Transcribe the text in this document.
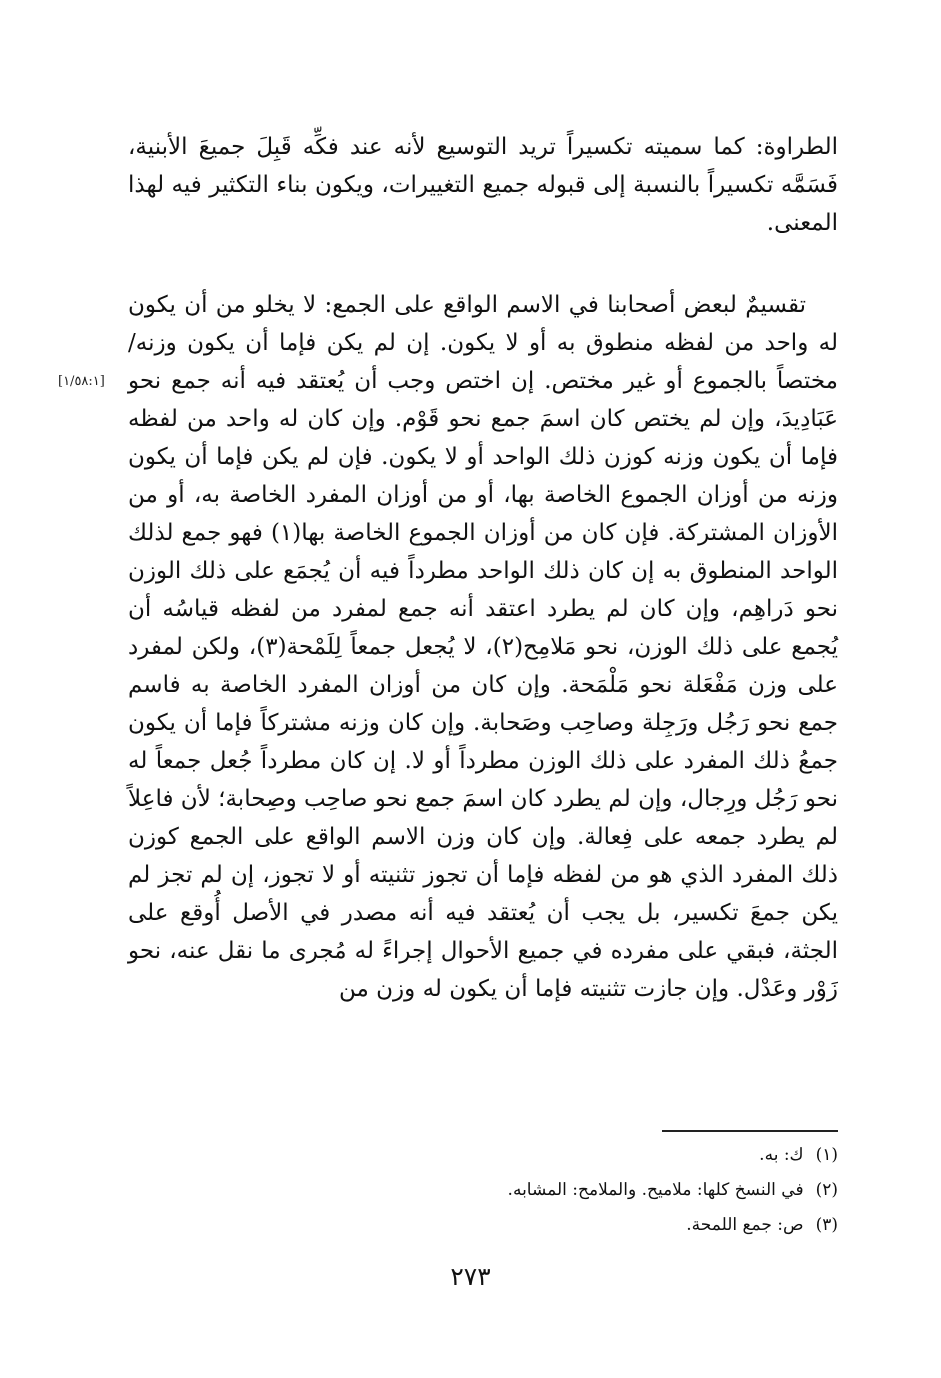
الطراوة: كما سميته تكسيراً تريد التوسيع لأنه عند فكِّه قَبِلَ جميعَ الأبنية، فَسَمَّه تكسيراً بالنسبة إلى قبوله جميع التغييرات، ويكون بناء التكثير فيه لهذا المعنى.

تقسيمٌ لبعض أصحابنا في الاسم الواقع على الجمع: لا يخلو من أن يكون له واحد من لفظه منطوق به أو لا يكون. إن لم يكن فإما أن يكون وزنه/ مختصاً بالجموع أو غير مختص. إن اختص وجب أن يُعتقد فيه أنه جمع نحو عَبَادِيدَ، وإن لم يختص كان اسمَ جمع نحو قَوْم. وإن كان له واحد من لفظه فإما أن يكون وزنه كوزن ذلك الواحد أو لا يكون. فإن لم يكن فإما أن يكون وزنه من أوزان الجموع الخاصة بها، أو من أوزان المفرد الخاصة به، أو من الأوزان المشتركة. فإن كان من أوزان الجموع الخاصة بها(١) فهو جمع لذلك الواحد المنطوق به إن كان ذلك الواحد مطرداً فيه أن يُجمَع على ذلك الوزن نحو دَراهِم، وإن كان لم يطرد اعتقد أنه جمع لمفرد من لفظه قياسُه أن يُجمع على ذلك الوزن، نحو مَلامِح(٢)، لا يُجعل جمعاً لِلَمْحة(٣)، ولكن لمفرد على وزن مَفْعَلة نحو مَلْمَحة. وإن كان من أوزان المفرد الخاصة به فاسم جمع نحو رَجُل ورَجِلة وصاحِب وصَحابة. وإن كان وزنه مشتركاً فإما أن يكون جمعُ ذلك المفرد على ذلك الوزن مطرداً أو لا. إن كان مطرداً جُعل جمعاً له نحو رَجُل ورِجال، وإن لم يطرد كان اسمَ جمع نحو صاحِب وصِحابة؛ لأن فاعِلاً لم يطرد جمعه على فِعالة. وإن كان وزن الاسم الواقع على الجمع كوزن ذلك المفرد الذي هو من لفظه فإما أن تجوز تثنيته أو لا تجوز، إن لم تجز لم يكن جمعَ تكسير، بل يجب أن يُعتقد فيه أنه مصدر في الأصل أُوقع على الجثة، فبقي على مفرده في جميع الأحوال إجراءً له مُجرى ما نقل عنه، نحو زَوْر وعَدْل. وإن جازت تثنيته فإما أن يكون له وزن من

[١/٥٨:١]
(١)ك: به.
(٢)في النسخ كلها: ملاميح. والملامح: المشابه.
(٣)ص: جمع اللمحة.
٢٧٣
